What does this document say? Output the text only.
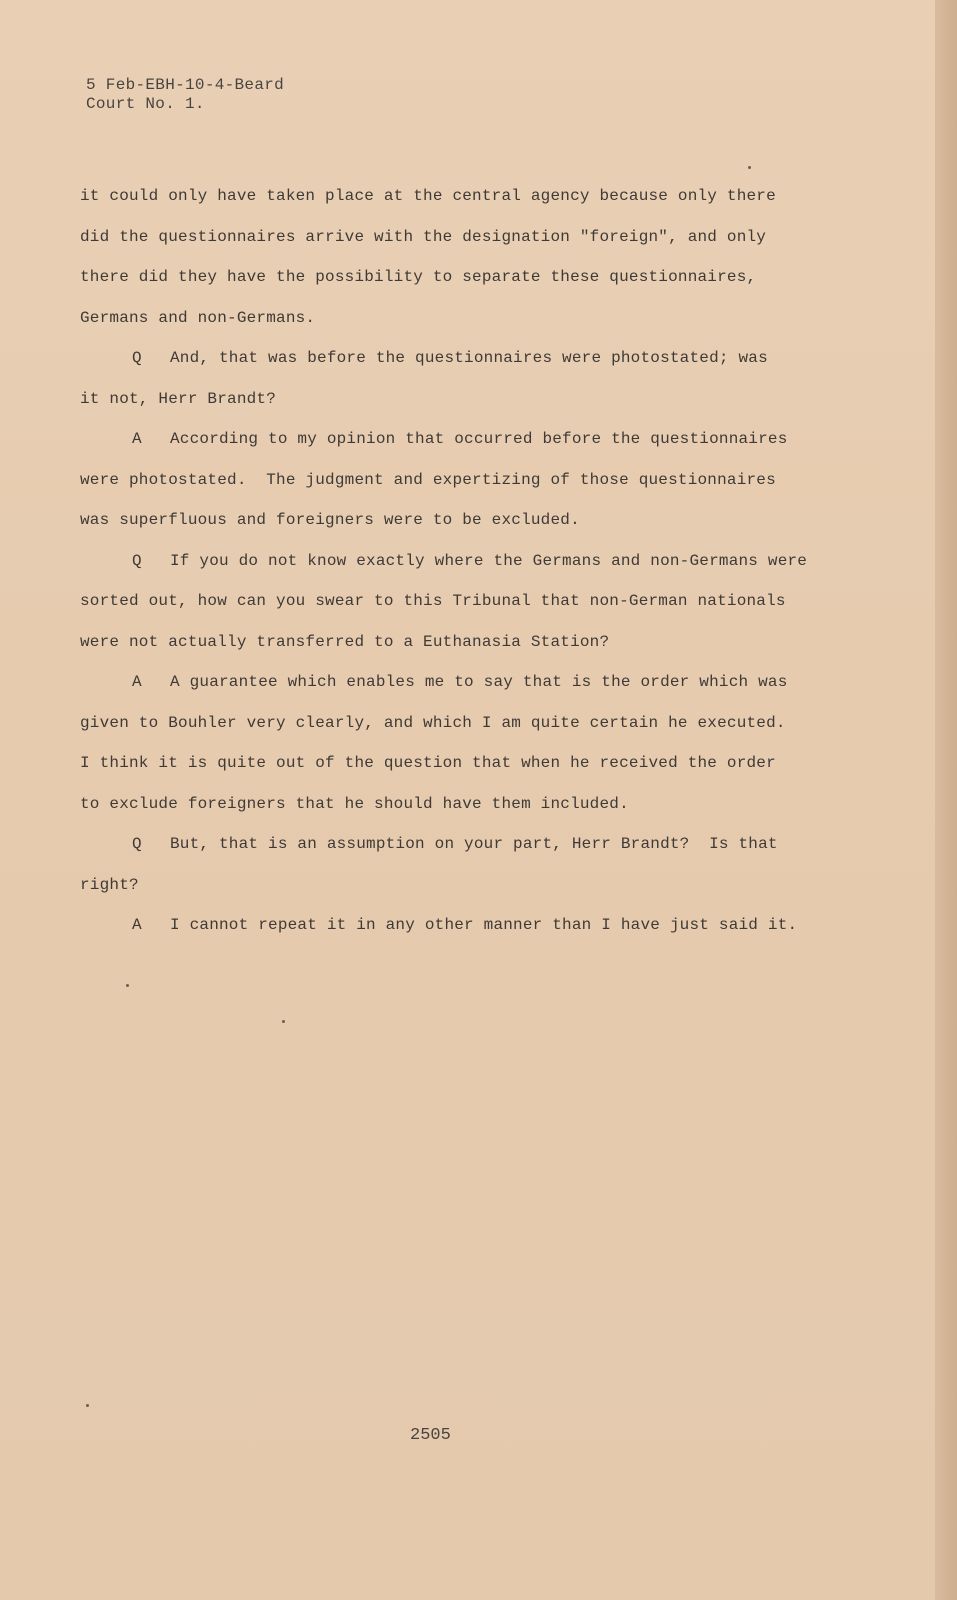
5 Feb-EBH-10-4-Beard
Court No. 1.
it could only have taken place at the central agency because only there
did the questionnaires arrive with the designation "foreign", and only
there did they have the possibility to separate these questionnaires,
Germans and non-Germans.
Q And, that was before the questionnaires were photostated; was
it not, Herr Brandt?
A According to my opinion that occurred before the questionnaires
were photostated.  The judgment and expertizing of those questionnaires
was superfluous and foreigners were to be excluded.
Q If you do not know exactly where the Germans and non-Germans were
sorted out, how can you swear to this Tribunal that non-German nationals
were not actually transferred to a Euthanasia Station?
A A guarantee which enables me to say that is the order which was
given to Bouhler very clearly, and which I am quite certain he executed.
I think it is quite out of the question that when he received the order
to exclude foreigners that he should have them included.
Q But, that is an assumption on your part, Herr Brandt?  Is that
right?
A I cannot repeat it in any other manner than I have just said it.
2505
